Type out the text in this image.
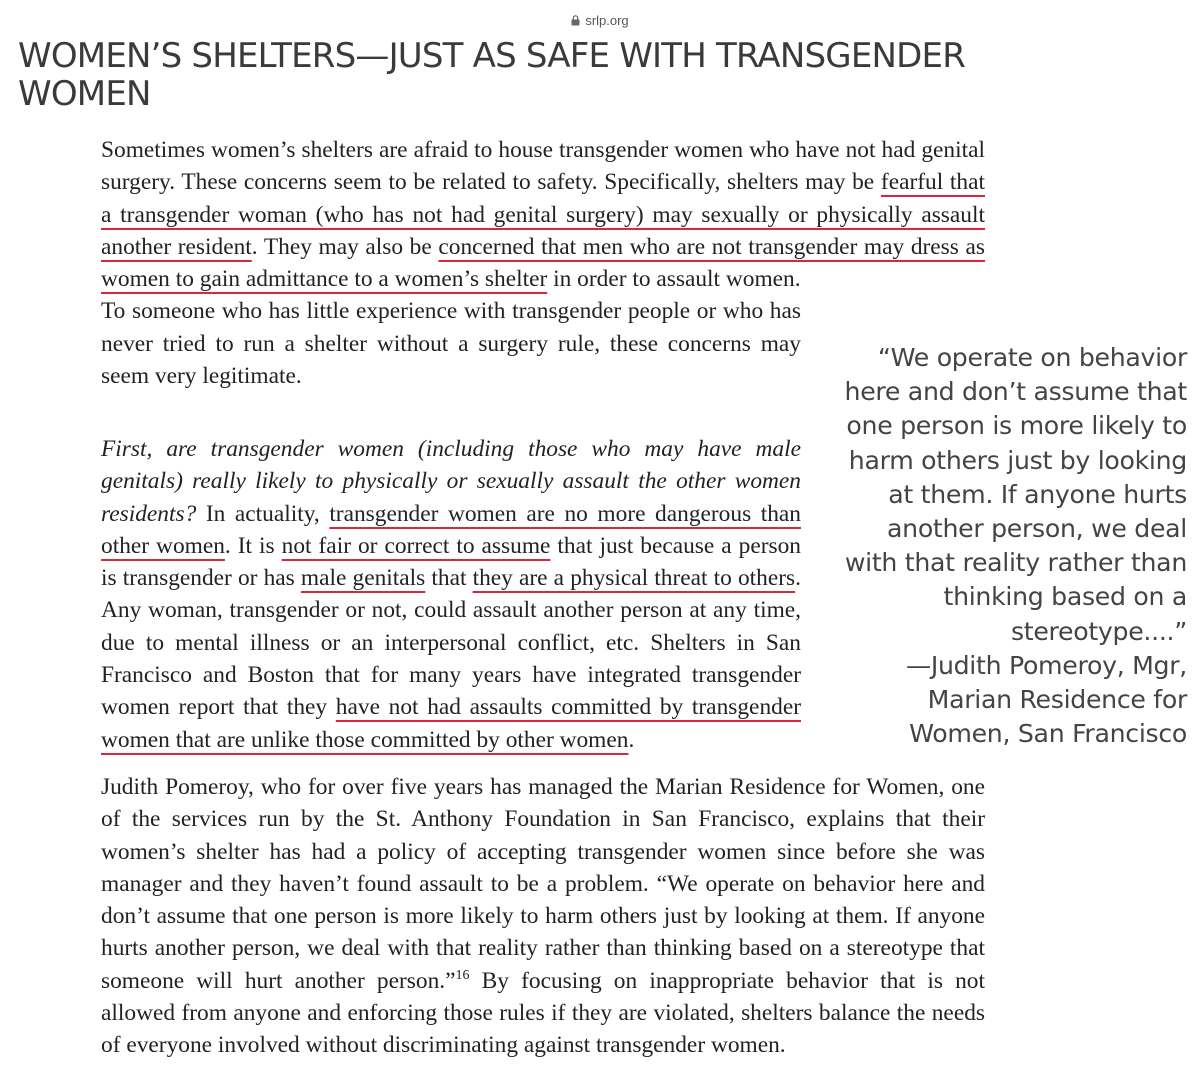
srlp.org
WOMEN’S SHELTERS—JUST AS SAFE WITH TRANSGENDER WOMEN

Sometimes women’s shelters are afraid to house transgender women who have not had genital surgery. These concerns seem to be related to safety. Specifically, shelters may be fearful that a transgender woman (who has not had genital surgery) may sexually or physically assault another resident. They may also be concerned that men who are not transgender may dress as women to gain admittance to a women’s shelter in order to assault women.
To someone who has little experience with transgender people or who has never tried to run a shelter without a surgery rule, these concerns may seem very legitimate.

First, are transgender women (including those who may have male genitals) really likely to physically or sexually assault the other women residents? In actuality, transgender women are no more dangerous than other women. It is not fair or correct to assume that just because a person is transgender or has male genitals that they are a physical threat to others. Any woman, transgender or not, could assault another person at any time, due to mental illness or an interpersonal conflict, etc. Shelters in San Francisco and Boston that for many years have integrated transgender women report that they have not had assaults committed by transgender women that are unlike those committed by other women.

Judith Pomeroy, who for over five years has managed the Marian Residence for Women, one of the services run by the St. Anthony Foundation in San Francisco, explains that their women’s shelter has had a policy of accepting transgender women since before she was manager and they haven’t found assault to be a problem. “We operate on behavior here and don’t assume that one person is more likely to harm others just by looking at them. If anyone hurts another person, we deal with that reality rather than thinking based on a stereotype that someone will hurt another person.”$^{16}$ By focusing on inappropriate behavior that is not allowed from anyone and enforcing those rules if they are violated, shelters balance the needs of everyone involved without discriminating against transgender women.

“We operate on behavior here and don’t assume that one person is more likely to harm others just by looking at them. If anyone hurts another person, we deal with that reality rather than thinking based on a stereotype....”
—Judith Pomeroy, Mgr, Marian Residence for Women, San Francisco
